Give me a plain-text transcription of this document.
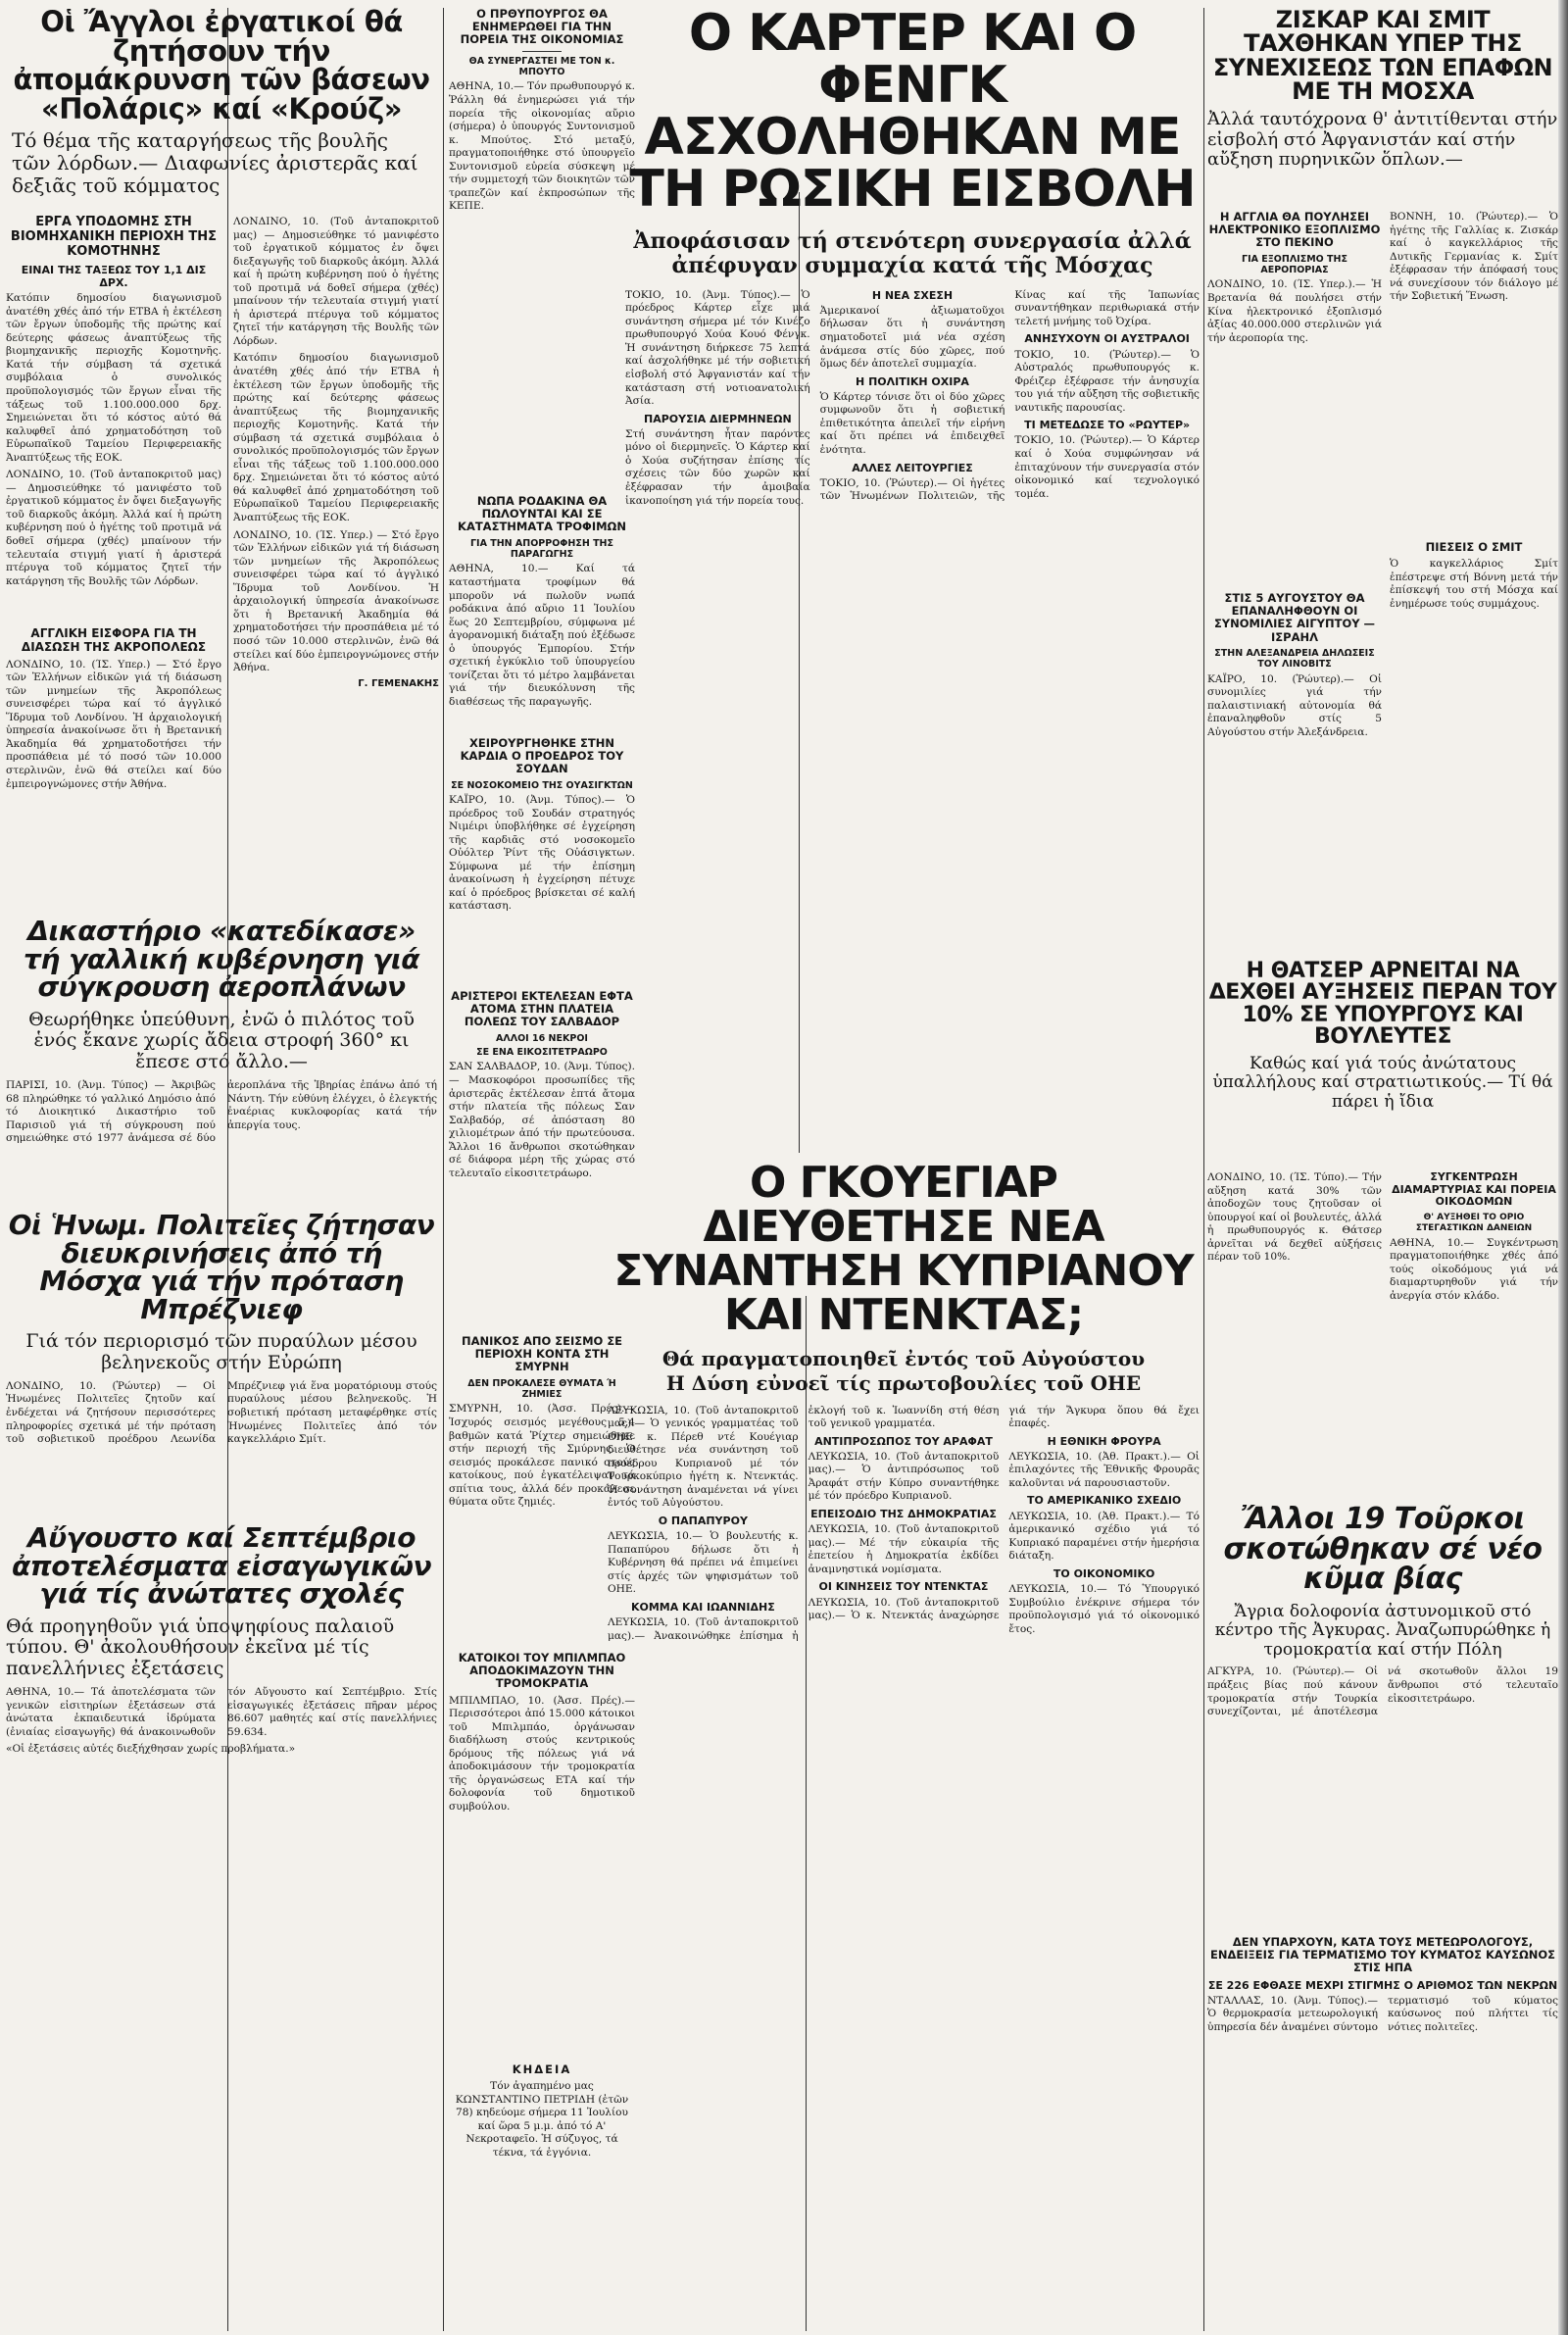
Οἱ Ἄγγλοι ἐργατικοί θά ζητήσουν τήν ἀπομάκρυνση τῶν βάσεων «Πολάρις» καί «Κρούζ»

Τό θέμα τῆς καταργήσεως τῆς βουλῆς τῶν λόρδων.— Διαφωνίες ἀριστερᾶς καί δεξιᾶς τοῦ κόμματος

ΕΡΓΑ ΥΠΟΔΟΜΗΣ ΣΤΗ ΒΙΟΜΗΧΑΝΙΚΗ ΠΕΡΙΟΧΗ ΤΗΣ ΚΟΜΟΤΗΝΗΣ

ΕΙΝΑΙ ΤΗΣ ΤΑΞΕΩΣ ΤΟΥ 1,1 ΔΙΣ ΔΡΧ.

Κατόπιν δημοσίου διαγωνισμοῦ ἀνατέθη χθές ἀπό τήν ΕΤΒΑ ἡ ἐκτέλεση τῶν ἔργων ὑποδομῆς τῆς πρώτης καί δεύτερης φάσεως ἀναπτύξεως τῆς βιομηχανικῆς περιοχῆς Κομοτηνῆς. Κατά τήν σύμβαση τά σχετικά συμβόλαια ὁ συνολικός προϋπολογισμός τῶν ἔργων εἶναι τῆς τάξεως τοῦ 1.100.000.000 δρχ. Σημειώνεται ὅτι τό κόστος αὐτό θά καλυφθεῖ ἀπό χρηματοδότηση τοῦ Εὐρωπαϊκοῦ Ταμείου Περιφερειακῆς Ἀναπτύξεως τῆς ΕΟΚ.

ΛΟΝΔΙΝΟ, 10. (Τοῦ ἀνταποκριτοῦ μας) — Δημοσιεύθηκε τό μανιφέστο τοῦ ἐργατικοῦ κόμματος ἐν ὄψει διεξαγωγῆς τοῦ διαρκοῦς ἀκόμη. Ἀλλά καί ἡ πρώτη κυβέρνηση πού ὁ ἡγέτης τοῦ προτιμᾶ νά δοθεῖ σήμερα (χθές) μπαίνουν τήν τελευταία στιγμή γιατί ἡ ἀριστερά πτέρυγα τοῦ κόμματος ζητεῖ τήν κατάργηση τῆς Βουλῆς τῶν Λόρδων.

ΑΓΓΛΙΚΗ ΕΙΣΦΟΡΑ ΓΙΑ ΤΗ ΔΙΑΣΩΣΗ ΤΗΣ ΑΚΡΟΠΟΛΕΩΣ

ΛΟΝΔΙΝΟ, 10. (ΊΣ. Υπερ.) — Στό ἔργο τῶν Ἑλλήνων εἰδικῶν γιά τή διάσωση τῶν μνημείων τῆς Ἀκροπόλεως συνεισφέρει τώρα καί τό ἀγγλικό Ἵδρυμα τοῦ Λονδίνου. Ἡ ἀρχαιολογική ὑπηρεσία ἀνακοίνωσε ὅτι ἡ Βρετανική Ἀκαδημία θά χρηματοδοτήσει τήν προσπάθεια μέ τό ποσό τῶν 10.000 στερλινῶν, ἐνῶ θά στείλει καί δύο ἐμπειρογνώμονες στήν Ἀθήνα.

ΛΟΝΔΙΝΟ, 10. (Τοῦ ἀνταποκριτοῦ μας) — Δημοσιεύθηκε τό μανιφέστο τοῦ ἐργατικοῦ κόμματος ἐν ὄψει διεξαγωγῆς τοῦ διαρκοῦς ἀκόμη. Ἀλλά καί ἡ πρώτη κυβέρνηση πού ὁ ἡγέτης τοῦ προτιμᾶ νά δοθεῖ σήμερα (χθές) μπαίνουν τήν τελευταία στιγμή γιατί ἡ ἀριστερά πτέρυγα τοῦ κόμματος ζητεῖ τήν κατάργηση τῆς Βουλῆς τῶν Λόρδων.

Κατόπιν δημοσίου διαγωνισμοῦ ἀνατέθη χθές ἀπό τήν ΕΤΒΑ ἡ ἐκτέλεση τῶν ἔργων ὑποδομῆς τῆς πρώτης καί δεύτερης φάσεως ἀναπτύξεως τῆς βιομηχανικῆς περιοχῆς Κομοτηνῆς. Κατά τήν σύμβαση τά σχετικά συμβόλαια ὁ συνολικός προϋπολογισμός τῶν ἔργων εἶναι τῆς τάξεως τοῦ 1.100.000.000 δρχ. Σημειώνεται ὅτι τό κόστος αὐτό θά καλυφθεῖ ἀπό χρηματοδότηση τοῦ Εὐρωπαϊκοῦ Ταμείου Περιφερειακῆς Ἀναπτύξεως τῆς ΕΟΚ.

ΛΟΝΔΙΝΟ, 10. (ΊΣ. Υπερ.) — Στό ἔργο τῶν Ἑλλήνων εἰδικῶν γιά τή διάσωση τῶν μνημείων τῆς Ἀκροπόλεως συνεισφέρει τώρα καί τό ἀγγλικό Ἵδρυμα τοῦ Λονδίνου. Ἡ ἀρχαιολογική ὑπηρεσία ἀνακοίνωσε ὅτι ἡ Βρετανική Ἀκαδημία θά χρηματοδοτήσει τήν προσπάθεια μέ τό ποσό τῶν 10.000 στερλινῶν, ἐνῶ θά στείλει καί δύο ἐμπειρογνώμονες στήν Ἀθήνα.

Γ. ΓΕΜΕΝΑΚΗΣ
Δικαστήριο «κατεδίκασε» τή γαλλική κυβέρνηση γιά σύγκρουση ἀεροπλάνων

Θεωρήθηκε ὑπεύθυνη, ἐνῶ ὁ πιλότος τοῦ ἑνός ἔκανε χωρίς ἄδεια στροφή 360° κι ἔπεσε στό ἄλλο.—

ΠΑΡΙΣΙ, 10. (Ἀνμ. Τύπος) — Ἀκριβῶς 68 πληρώθηκε τό γαλλικό Δημόσιο ἀπό τό Διοικητικό Δικαστήριο τοῦ Παρισιοῦ γιά τή σύγκρουση πού σημειώθηκε στό 1977 ἀνάμεσα σέ δύο ἀεροπλάνα τῆς Ἰβηρίας ἐπάνω ἀπό τή Νάντη. Τήν εὐθύνη ἐλέγχει, ὁ ἐλεγκτής ἐναέριας κυκλοφορίας κατά τήν ἀπεργία τους.

Οἱ Ἡνωμ. Πολιτεῖες ζήτησαν διευκρινήσεις ἀπό τή Μόσχα γιά τήν πρόταση Μπρέζνιεφ

Γιά τόν περιορισμό τῶν πυραύλων μέσου βεληνεκοῦς στήν Εὐρώπη

ΛΟΝΔΙΝΟ, 10. (Ῥώυτερ) — Οἱ Ἡνωμένες Πολιτεῖες ζητοῦν καί ἐνδέχεται νά ζητήσουν περισσότερες πληροφορίες σχετικά μέ τήν πρόταση τοῦ σοβιετικοῦ προέδρου Λεωνίδα Μπρέζνιεφ γιά ἕνα μορατόριουμ στούς πυραύλους μέσου βεληνεκοῦς. Ἡ σοβιετική πρόταση μεταφέρθηκε στίς Ἡνωμένες Πολιτεῖες ἀπό τόν καγκελλάριο Σμίτ.

Αὔγουστο καί Σεπτέμβριο ἀποτελέσματα εἰσαγωγικῶν γιά τίς ἀνώτατες σχολές

Θά προηγηθοῦν γιά ὑποψηφίους παλαιοῦ τύπου. Θ' ἀκολουθήσουν ἐκεῖνα μέ τίς πανελλήνιες ἐξετάσεις

ΑΘΗΝΑ, 10.— Τά ἀποτελέσματα τῶν γενικῶν εἰσιτηρίων ἐξετάσεων στά ἀνώτατα ἐκπαιδευτικά ἱδρύματα (ἐνιαίας εἰσαγωγῆς) θά ἀνακοινωθοῦν τόν Αὔγουστο καί Σεπτέμβριο. Στίς εἰσαγωγικές ἐξετάσεις πῆραν μέρος 86.607 μαθητές καί στίς πανελλήνιες 59.634.

«Οἱ ἐξετάσεις αὐτές διεξήχθησαν χωρίς προβλήματα.»

Ο ΠΡΘΥΠΟΥΡΓΟΣ ΘΑ ΕΝΗΜΕΡΩΘΕΙ ΓΙΑ ΤΗΝ ΠΟΡΕΙΑ ΤΗΣ ΟΙΚΟΝΟΜΙΑΣ

ΘΑ ΣΥΝΕΡΓΑΣΤΕΙ ΜΕ ΤΟΝ κ. ΜΠΟΥΤΟ

ΑΘΗΝΑ, 10.— Τόν πρωθυπουργό κ. Ῥάλλη θά ἐνημερώσει γιά τήν πορεία τῆς οἰκονομίας αὔριο (σήμερα) ὁ ὑπουργός Συντονισμοῦ κ. Μπούτος. Στό μεταξύ, πραγματοποιήθηκε στό ὑπουργεῖο Συντονισμοῦ εὐρεία σύσκεψη μέ τήν συμμετοχή τῶν διοικητῶν τῶν τραπεζῶν καί ἐκπροσώπων τῆς ΚΕΠΕ.

ΝΩΠΑ ΡΟΔΑΚΙΝΑ ΘΑ ΠΩΛΟΥΝΤΑΙ ΚΑΙ ΣΕ ΚΑΤΑΣΤΗΜΑΤΑ ΤΡΟΦΙΜΩΝ

ΓΙΑ ΤΗΝ ΑΠΟΡΡΟΦΗΣΗ ΤΗΣ ΠΑΡΑΓΩΓΗΣ

ΑΘΗΝΑ, 10.— Καί τά καταστήματα τροφίμων θά μποροῦν νά πωλοῦν νωπά ροδάκινα ἀπό αὔριο 11 Ἰουλίου ἕως 20 Σεπτεμβρίου, σύμφωνα μέ ἀγορανομική διάταξη πού ἐξέδωσε ὁ ὑπουργός Ἐμπορίου. Στήν σχετική ἐγκύκλιο τοῦ ὑπουργείου τονίζεται ὅτι τό μέτρο λαμβάνεται γιά τήν διευκόλυνση τῆς διαθέσεως τῆς παραγωγῆς.

ΧΕΙΡΟΥΡΓΗΘΗΚΕ ΣΤΗΝ ΚΑΡΔΙΑ Ο ΠΡΟΕΔΡΟΣ ΤΟΥ ΣΟΥΔΑΝ

ΣΕ ΝΟΣΟΚΟΜΕΙΟ ΤΗΣ ΟΥΑΣΙΓΚΤΩΝ

ΚΑΪΡΟ, 10. (Ἀνμ. Τύπος).— Ὁ πρόεδρος τοῦ Σουδάν στρατηγός Νιμέιρι ὑποβλήθηκε σέ ἐγχείρηση τῆς καρδιᾶς στό νοσοκομεῖο Οὐόλτερ Ῥίντ τῆς Οὐάσιγκτων. Σύμφωνα μέ τήν ἐπίσημη ἀνακοίνωση ἡ ἐγχείρηση πέτυχε καί ὁ πρόεδρος βρίσκεται σέ καλή κατάσταση.

ΑΡΙΣΤΕΡΟΙ ΕΚΤΕΛΕΣΑΝ ΕΦΤΑ ΑΤΟΜΑ ΣΤΗΝ ΠΛΑΤΕΙΑ ΠΟΛΕΩΣ ΤΟΥ ΣΑΛΒΑΔΟΡ

ΑΛΛΟΙ 16 ΝΕΚΡΟΙ

ΣΕ ΕΝΑ ΕΙΚΟΣΙΤΕΤΡΑΩΡΟ

ΣΑΝ ΣΑΛΒΑΔΟΡ, 10. (Ἀνμ. Τύπος).— Μασκοφόροι προσωπίδες τῆς ἀριστερᾶς ἐκτέλεσαν ἑπτά ἄτομα στήν πλατεία τῆς πόλεως Σαν Σαλβαδόρ, σέ ἀπόσταση 80 χιλιομέτρων ἀπό τήν πρωτεύουσα. Ἄλλοι 16 ἄνθρωποι σκοτώθηκαν σέ διάφορα μέρη τῆς χώρας στό τελευταῖο εἰκοσιτετράωρο.

ΠΑΝΙΚΟΣ ΑΠΟ ΣΕΙΣΜΟ ΣΕ ΠΕΡΙΟΧΗ ΚΟΝΤΑ ΣΤΗ ΣΜΥΡΝΗ

ΔΕΝ ΠΡΟΚΑΛΕΣΕ ΘΥΜΑΤΑ Ή ΖΗΜΙΕΣ

ΣΜΥΡΝΗ, 10. (Ἀσσ. Πρές).— Ἰσχυρός σεισμός μεγέθους 5,4 βαθμῶν κατά Ῥίχτερ σημειώθηκε στήν περιοχή τῆς Σμύρνης. Ὁ σεισμός προκάλεσε πανικό στούς κατοίκους, πού ἐγκατέλειψαν τά σπίτια τους, ἀλλά δέν προκάλεσε θύματα οὔτε ζημιές.

ΚΑΤΟΙΚΟΙ ΤΟΥ ΜΠΙΛΜΠΑΟ ΑΠΟΔΟΚΙΜΑΖΟΥΝ ΤΗΝ ΤΡΟΜΟΚΡΑΤΙΑ

ΜΠΙΛΜΠΑΟ, 10. (Ἀσσ. Πρές).— Περισσότεροι ἀπό 15.000 κάτοικοι τοῦ Μπιλμπάο, ὀργάνωσαν διαδήλωση στούς κεντρικούς δρόμους τῆς πόλεως γιά νά ἀποδοκιμάσουν τήν τρομοκρατία τῆς ὀργανώσεως ΕΤΑ καί τήν δολοφονία τοῦ δημοτικοῦ συμβούλου.

ΚΗΔΕΙΑ

Τόν ἀγαπημένο μας ΚΩΝΣΤΑΝΤΙΝΟ ΠΕΤΡΙΔΗ (ἐτῶν 78) κηδεύομε σήμερα 11 Ἰουλίου καί ὥρα 5 μ.μ. ἀπό τό Α' Νεκροταφεῖο. Ἡ σύζυγος, τά τέκνα, τά ἐγγόνια.

Ο ΚΑΡΤΕΡ ΚΑΙ Ο ΦΕΝΓΚ ΑΣΧΟΛΗΘΗΚΑΝ ΜΕ ΤΗ ΡΩΣΙΚΗ ΕΙΣΒΟΛΗ

Ἀποφάσισαν τή στενότερη συνεργασία ἀλλά ἀπέφυγαν συμμαχία κατά τῆς Μόσχας

ΤΟΚΙΟ, 10. (Ἀνμ. Τύπος).— Ὁ πρόεδρος Κάρτερ εἶχε μιά συνάντηση σήμερα μέ τόν Κινέζο πρωθυπουργό Χούα Κουό Φένγκ. Ἡ συνάντηση διήρκεσε 75 λεπτά καί ἀσχολήθηκε μέ τήν σοβιετική εἰσβολή στό Ἀφγανιστάν καί τήν κατάσταση στή νοτιοανατολική Ἀσία.

ΠΑΡΟΥΣΙΑ ΔΙΕΡΜΗΝΕΩΝ

Στή συνάντηση ἦταν παρόντες μόνο οἱ διερμηνεῖς. Ὁ Κάρτερ καί ὁ Χούα συζήτησαν ἐπίσης τίς σχέσεις τῶν δύο χωρῶν καί ἐξέφρασαν τήν ἀμοιβαία ἱκανοποίηση γιά τήν πορεία τους.

Η ΝΕΑ ΣΧΕΣΗ

Ἀμερικανοί ἀξιωματοῦχοι δήλωσαν ὅτι ἡ συνάντηση σηματοδοτεῖ μιά νέα σχέση ἀνάμεσα στίς δύο χῶρες, πού ὅμως δέν ἀποτελεῖ συμμαχία.

Η ΠΟΛΙΤΙΚΗ ΟΧΙΡΑ

Ὁ Κάρτερ τόνισε ὅτι οἱ δύο χῶρες συμφωνοῦν ὅτι ἡ σοβιετική ἐπιθετικότητα ἀπειλεῖ τήν εἰρήνη καί ὅτι πρέπει νά ἐπιδειχθεῖ ἑνότητα.

ΑΛΛΕΣ ΛΕΙΤΟΥΡΓΙΕΣ

ΤΟΚΙΟ, 10. (Ῥώυτερ).— Οἱ ἡγέτες τῶν Ἡνωμένων Πολιτειῶν, τῆς Κίνας καί τῆς Ἰαπωνίας συναντήθηκαν περιθωριακά στήν τελετή μνήμης τοῦ Ὀχίρα.

ΑΝΗΣΥΧΟΥΝ ΟΙ ΑΥΣΤΡΑΛΟΙ

ΤΟΚΙΟ, 10. (Ῥώυτερ).— Ὁ Αὐστραλός πρωθυπουργός κ. Φρέιζερ ἐξέφρασε τήν ἀνησυχία του γιά τήν αὔξηση τῆς σοβιετικῆς ναυτικῆς παρουσίας.

ΤΙ ΜΕΤΕΔΩΣΕ ΤΟ «ΡΩΥΤΕΡ»

ΤΟΚΙΟ, 10. (Ῥώυτερ).— Ὁ Κάρτερ καί ὁ Χούα συμφώνησαν νά ἐπιταχύνουν τήν συνεργασία στόν οἰκονομικό καί τεχνολογικό τομέα.

Ο ΓΚΟΥΕΓΙΑΡ ΔΙΕΥΘΕΤΗΣΕ ΝΕΑ ΣΥΝΑΝΤΗΣΗ ΚΥΠΡΙΑΝΟΥ ΚΑΙ ΝΤΕΝΚΤΑΣ;

Θά πραγματοποιηθεῖ ἐντός τοῦ Αὐγούστου

Η Δύση εὐνοεῖ τίς πρωτοβουλίες τοῦ ΟΗΕ

ΛΕΥΚΩΣΙΑ, 10. (Τοῦ ἀνταποκριτοῦ μας).— Ὁ γενικός γραμματέας τοῦ ΟΗΕ κ. Πέρεθ ντέ Κουέγιαρ διευθέτησε νέα συνάντηση τοῦ προέδρου Κυπριανοῦ μέ τόν Τουρκοκύπριο ἡγέτη κ. Ντενκτάς. Ἡ συνάντηση ἀναμένεται νά γίνει ἐντός τοῦ Αὐγούστου.

Ο ΠΑΠΑΠΥΡΟΥ

ΛΕΥΚΩΣΙΑ, 10.— Ὁ βουλευτής κ. Παπαπύρου δήλωσε ὅτι ἡ Κυβέρνηση θά πρέπει νά ἐπιμείνει στίς ἀρχές τῶν ψηφισμάτων τοῦ ΟΗΕ.

ΚΟΜΜΑ ΚΑΙ ΙΩΑΝΝΙΔΗΣ

ΛΕΥΚΩΣΙΑ, 10. (Τοῦ ἀνταποκριτοῦ μας).— Ἀνακοινώθηκε ἐπίσημα ἡ ἐκλογή τοῦ κ. Ἰωαννίδη στή θέση τοῦ γενικοῦ γραμματέα.

ΑΝΤΙΠΡΟΣΩΠΟΣ ΤΟΥ ΑΡΑΦΑΤ

ΛΕΥΚΩΣΙΑ, 10. (Τοῦ ἀνταποκριτοῦ μας).— Ὁ ἀντιπρόσωπος τοῦ Ἀραφάτ στήν Κύπρο συναντήθηκε μέ τόν πρόεδρο Κυπριανοῦ.

ΕΠΕΙΣΟΔΙΟ ΤΗΣ ΔΗΜΟΚΡΑΤΙΑΣ

ΛΕΥΚΩΣΙΑ, 10. (Τοῦ ἀνταποκριτοῦ μας).— Μέ τήν εὐκαιρία τῆς ἐπετείου ἡ Δημοκρατία ἐκδίδει ἀναμνηστικά νομίσματα.

ΟΙ ΚΙΝΗΣΕΙΣ ΤΟΥ ΝΤΕΝΚΤΑΣ

ΛΕΥΚΩΣΙΑ, 10. (Τοῦ ἀνταποκριτοῦ μας).— Ὁ κ. Ντενκτάς ἀναχώρησε γιά τήν Ἄγκυρα ὅπου θά ἔχει ἐπαφές.

Η ΕΘΝΙΚΗ ΦΡΟΥΡΑ

ΛΕΥΚΩΣΙΑ, 10. (Ἀθ. Πρακτ.).— Οἱ ἐπιλαχόντες τῆς Ἐθνικῆς Φρουρᾶς καλοῦνται νά παρουσιαστοῦν.

ΤΟ ΑΜΕΡΙΚΑΝΙΚΟ ΣΧΕΔΙΟ

ΛΕΥΚΩΣΙΑ, 10. (Ἀθ. Πρακτ.).— Τό ἀμερικανικό σχέδιο γιά τό Κυπριακό παραμένει στήν ἡμερήσια διάταξη.

ΤΟ ΟΙΚΟΝΟΜΙΚΟ

ΛΕΥΚΩΣΙΑ, 10.— Τό Ὑπουργικό Συμβούλιο ἐνέκρινε σήμερα τόν προϋπολογισμό γιά τό οἰκονομικό ἔτος.

ΖΙΣΚΑΡ ΚΑΙ ΣΜΙΤ ΤΑΧΘΗΚΑΝ ΥΠΕΡ ΤΗΣ ΣΥΝΕΧΙΣΕΩΣ ΤΩΝ ΕΠΑΦΩΝ ΜΕ ΤΗ ΜΟΣΧΑ

Ἀλλά ταυτόχρονα θ' ἀντιτίθενται στήν εἰσβολή στό Ἀφγανιστάν καί στήν αὔξηση πυρηνικῶν ὅπλων.—

Η ΑΓΓΛΙΑ ΘΑ ΠΟΥΛΗΣΕΙ ΗΛΕΚΤΡΟΝΙΚΟ ΕΞΟΠΛΙΣΜΟ ΣΤΟ ΠΕΚΙΝΟ

ΓΙΑ ΕΞΟΠΛΙΣΜΟ ΤΗΣ ΑΕΡΟΠΟΡΙΑΣ

ΛΟΝΔΙΝΟ, 10. (ΊΣ. Υπερ.).— Ἡ Βρετανία θά πουλήσει στήν Κίνα ἠλεκτρονικό ἐξοπλισμό ἀξίας 40.000.000 στερλινῶν γιά τήν ἀεροπορία της.

ΒΟΝΝΗ, 10. (Ῥώυτερ).— Ὁ ἡγέτης τῆς Γαλλίας κ. Ζισκάρ καί ὁ καγκελλάριος τῆς Δυτικῆς Γερμανίας κ. Σμίτ ἐξέφρασαν τήν ἀπόφασή τους νά συνεχίσουν τόν διάλογο μέ τήν Σοβιετική Ἕνωση.

ΠΙΕΣΕΙΣ Ο ΣΜΙΤ

Ὁ καγκελλάριος Σμίτ ἐπέστρεψε στή Βόννη μετά τήν ἐπίσκεψή του στή Μόσχα καί ἐνημέρωσε τούς συμμάχους.

ΣΤΙΣ 5 ΑΥΓΟΥΣΤΟΥ ΘΑ ΕΠΑΝΑΛΗΦΘΟΥΝ ΟΙ ΣΥΝΟΜΙΛΙΕΣ ΑΙΓΥΠΤΟΥ — ΙΣΡΑΗΛ

ΣΤΗΝ ΑΛΕΞΑΝΔΡΕΙΑ ΔΗΛΩΣΕΙΣ ΤΟΥ ΛΙΝΟΒΙΤΣ

ΚΑΪΡΟ, 10. (Ῥώυτερ).— Οἱ συνομιλίες γιά τήν παλαιστινιακή αὐτονομία θά ἐπαναληφθοῦν στίς 5 Αὐγούστου στήν Ἀλεξάνδρεια.

Η ΘΑΤΣΕΡ ΑΡΝΕΙΤΑΙ ΝΑ ΔΕΧΘΕΙ ΑΥΞΗΣΕΙΣ ΠΕΡΑΝ ΤΟΥ 10% ΣΕ ΥΠΟΥΡΓΟΥΣ ΚΑΙ ΒΟΥΛΕΥΤΕΣ

Καθώς καί γιά τούς ἀνώτατους ὑπαλλήλους καί στρατιωτικούς.— Τί θά πάρει ἡ ἴδια

ΛΟΝΔΙΝΟ, 10. (ΊΣ. Τύπο).— Τήν αὔξηση κατά 30% τῶν ἀποδοχῶν τους ζητοῦσαν οἱ ὑπουργοί καί οἱ βουλευτές, ἀλλά ἡ πρωθυπουργός κ. Θάτσερ ἀρνεῖται νά δεχθεῖ αὐξήσεις πέραν τοῦ 10%.

ΣΥΓΚΕΝΤΡΩΣΗ ΔΙΑΜΑΡΤΥΡΙΑΣ ΚΑΙ ΠΟΡΕΙΑ ΟΙΚΟΔΟΜΩΝ

Θ' ΑΥΞΗΘΕΙ ΤΟ ΟΡΙΟ ΣΤΕΓΑΣΤΙΚΩΝ ΔΑΝΕΙΩΝ

ΑΘΗΝΑ, 10.— Συγκέντρωση πραγματοποιήθηκε χθές ἀπό τούς οἰκοδόμους γιά νά διαμαρτυρηθοῦν γιά τήν ἀνεργία στόν κλάδο.

Ἄλλοι 19 Τοῦρκοι σκοτώθηκαν σέ νέο κῦμα βίας

Ἄγρια δολοφονία ἀστυνομικοῦ στό κέντρο τῆς Ἀγκυρας. Ἀναζωπυρώθηκε ἡ τρομοκρατία καί στήν Πόλη

ΑΓΚΥΡΑ, 10. (Ῥώυτερ).— Οἱ πράξεις βίας πού κάνουν τρομοκρατία στήν Τουρκία συνεχίζονται, μέ ἀποτέλεσμα νά σκοτωθοῦν ἄλλοι 19 ἄνθρωποι στό τελευταῖο εἰκοσιτετράωρο.

ΔΕΝ ΥΠΑΡΧΟΥΝ, ΚΑΤΑ ΤΟΥΣ ΜΕΤΕΩΡΟΛΟΓΟΥΣ, ΕΝΔΕΙΞΕΙΣ ΓΙΑ ΤΕΡΜΑΤΙΣΜΟ ΤΟΥ ΚΥΜΑΤΟΣ ΚΑΥΣΩΝΟΣ ΣΤΙΣ ΗΠΑ

ΣΕ 226 ΕΦΘΑΣΕ ΜΕΧΡΙ ΣΤΙΓΜΗΣ Ο ΑΡΙΘΜΟΣ ΤΩΝ ΝΕΚΡΩΝ

ΝΤΑΛΛΑΣ, 10. (Ἀνμ. Τύπος).— Ὁ θερμοκρασία μετεωρολογική ὑπηρεσία δέν ἀναμένει σύντομο τερματισμό τοῦ κύματος καύσωνος πού πλήττει τίς νότιες πολιτεῖες.
